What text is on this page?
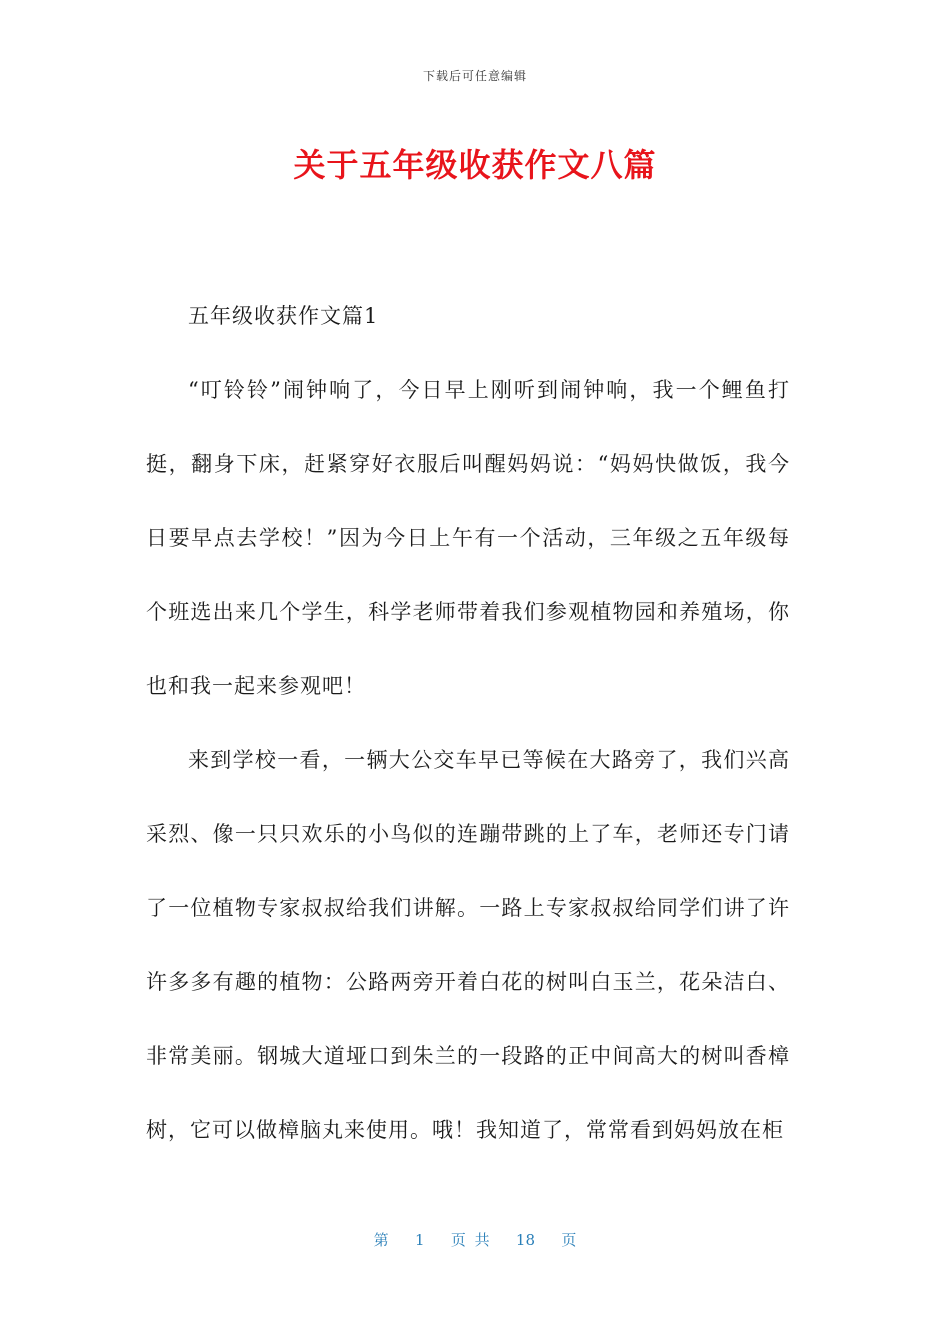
下载后可任意编辑
关于五年级收获作文八篇

五年级收获作文篇1

“叮铃铃”闹钟响了，今日早上刚听到闹钟响，我一个鲤鱼打挺，翻身下床，赶紧穿好衣服后叫醒妈妈说：“妈妈快做饭，我今日要早点去学校！”因为今日上午有一个活动，三年级之五年级每个班选出来几个学生，科学老师带着我们参观植物园和养殖场，你也和我一起来参观吧！

来到学校一看，一辆大公交车早已等候在大路旁了，我们兴高采烈、像一只只欢乐的小鸟似的连蹦带跳的上了车，老师还专门请了一位植物专家叔叔给我们讲解。一路上专家叔叔给同学们讲了许许多多有趣的植物：公路两旁开着白花的树叫白玉兰，花朵洁白、非常美丽。钢城大道垭口到朱兰的一段路的正中间高大的树叫香樟树，它可以做樟脑丸来使用。哦！我知道了，常常看到妈妈放在柜

第 1 页 共 18 页
